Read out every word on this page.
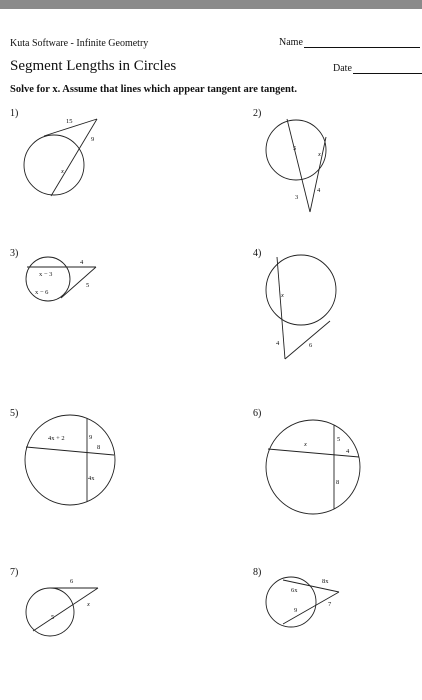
Kuta Software - Infinite Geometry	Name
Segment Lengths in Circles	Date
Solve for x. Assume that lines which appear tangent are tangent.
1)	2)
3)	4)
5)	6)
7)	8)
15
9
x
5
x
3
4
x − 3
4
x − 6
5
x
4	6
4x + 2	9
8
4x
x
5
4
8
6
x
5
6x
8x
7
9
